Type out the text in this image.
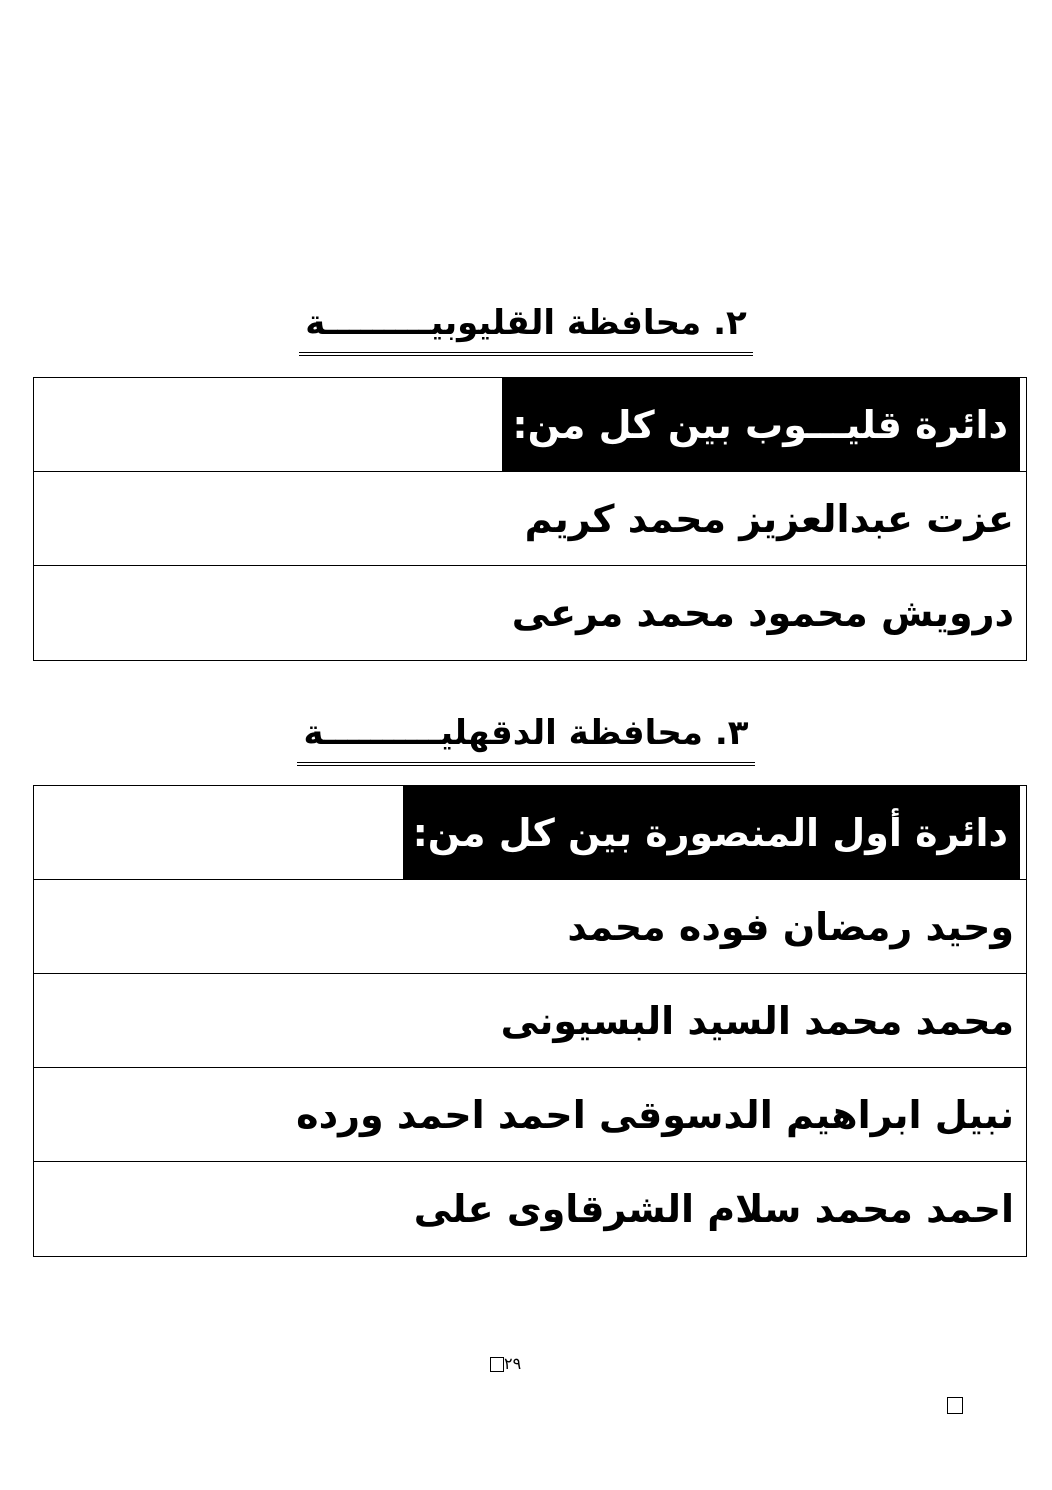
٢. محافظة القليوبيـــــــــة
دائرة قليـــوب بين كل من:
عزت عبدالعزيز محمد كريم
درويش محمود محمد مرعى
٣. محافظة الدقهليــــــــــة
دائرة أول المنصورة بين كل من:
وحيد رمضان فوده محمد
محمد محمد السيد البسيونى
نبيل ابراهيم الدسوقى احمد احمد ورده
احمد محمد سلام الشرقاوى على
٢٩
